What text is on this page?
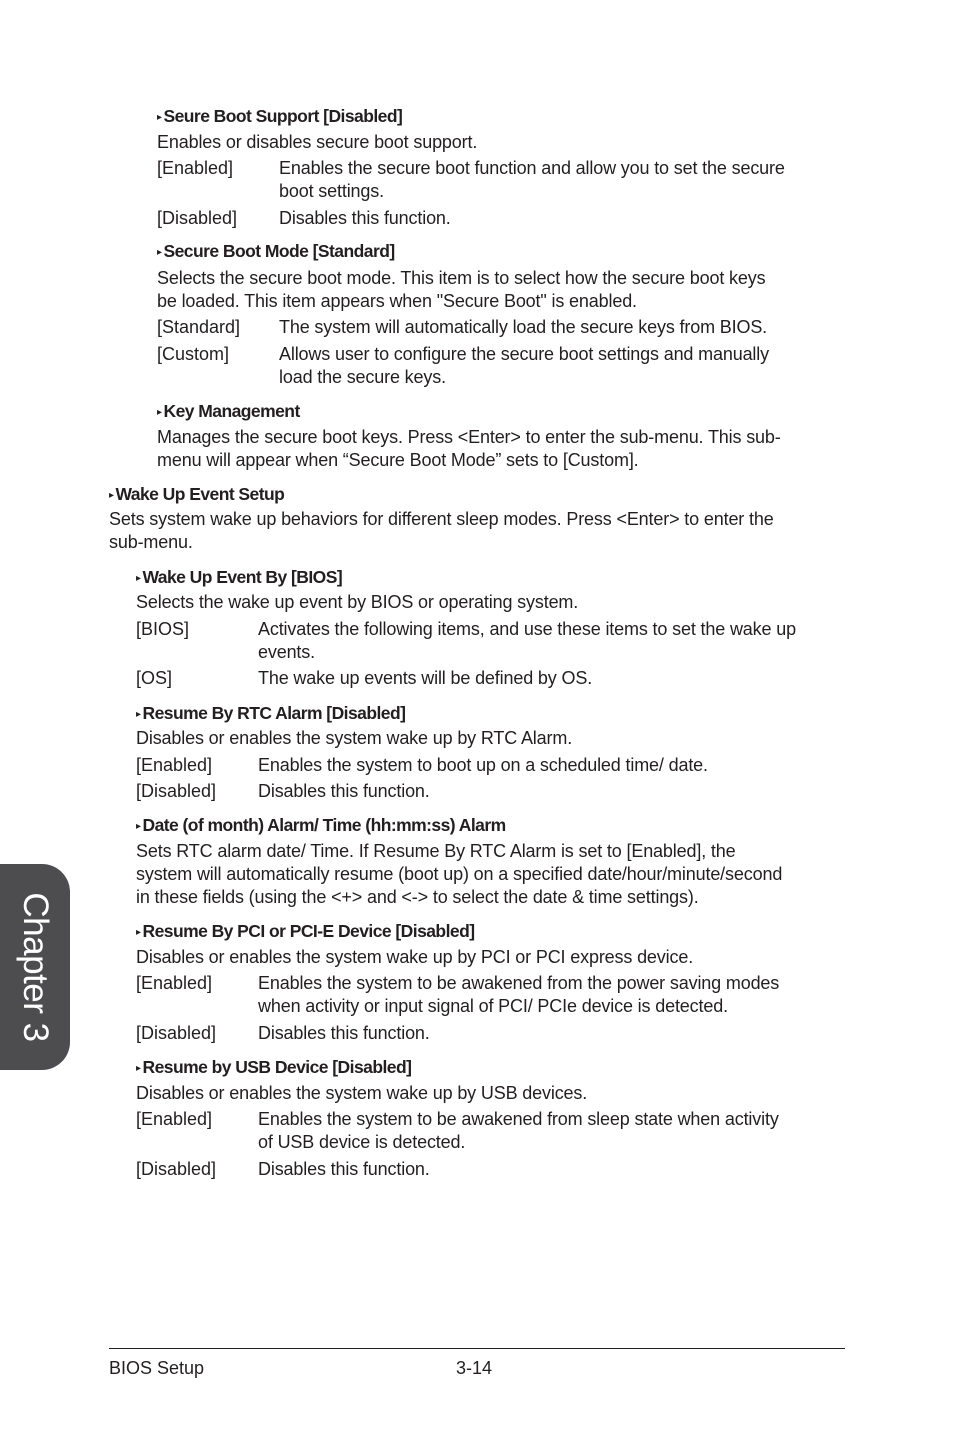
▸ Seure Boot Support [Disabled]
Enables or disables secure boot support.
[Enabled]	Enables the secure boot function and allow you to set the secure
boot settings.
[Disabled] Disables this function.
▸ Secure Boot Mode [Standard]
Selects the secure boot mode. This item is to select how the secure boot keys
be loaded. This item appears when "Secure Boot" is enabled.
[Standard] The system will automatically load the secure keys from BIOS.
[Custom]	Allows user to configure the secure boot settings and manually
load the secure keys.
▸ Key Management
Manages the secure boot keys. Press <Enter> to enter the sub-menu. This sub-
menu will appear when “Secure Boot Mode” sets to [Custom].
▸ Wake Up Event Setup
Sets system wake up behaviors for different sleep modes. Press <Enter> to enter the
sub-menu.
▸ Wake Up Event By [BIOS]
Selects the wake up event by BIOS or operating system.
[BIOS]	Activates the following items, and use these items to set the wake up
events.
[OS]	The wake up events will be defined by OS.
▸ Resume By RTC Alarm [Disabled]
Disables or enables the system wake up by RTC Alarm.
[Enabled]	Enables the system to boot up on a scheduled time/ date.
[Disabled] Disables this function.
▸ Date (of month) Alarm/ Time (hh:mm:ss) Alarm
Sets RTC alarm date/ Time. If Resume By RTC Alarm is set to [Enabled], the
system will automatically resume (boot up) on a specified date/hour/minute/second
in these fields (using the <+> and <-> to select the date & time settings).
▸ Resume By PCI or PCI-E Device [Disabled]
Disables or enables the system wake up by PCI or PCI express device.
[Enabled]	Enables the system to be awakened from the power saving modes
when activity or input signal of PCI/ PCIe device is detected.
[Disabled] Disables this function.
▸ Resume by USB Device [Disabled]
Disables or enables the system wake up by USB devices.
[Enabled]	Enables the system to be awakened from sleep state when activity
of USB device is detected.
[Disabled] Disables this function.
Chapter 3
BIOS Setup	3-14
